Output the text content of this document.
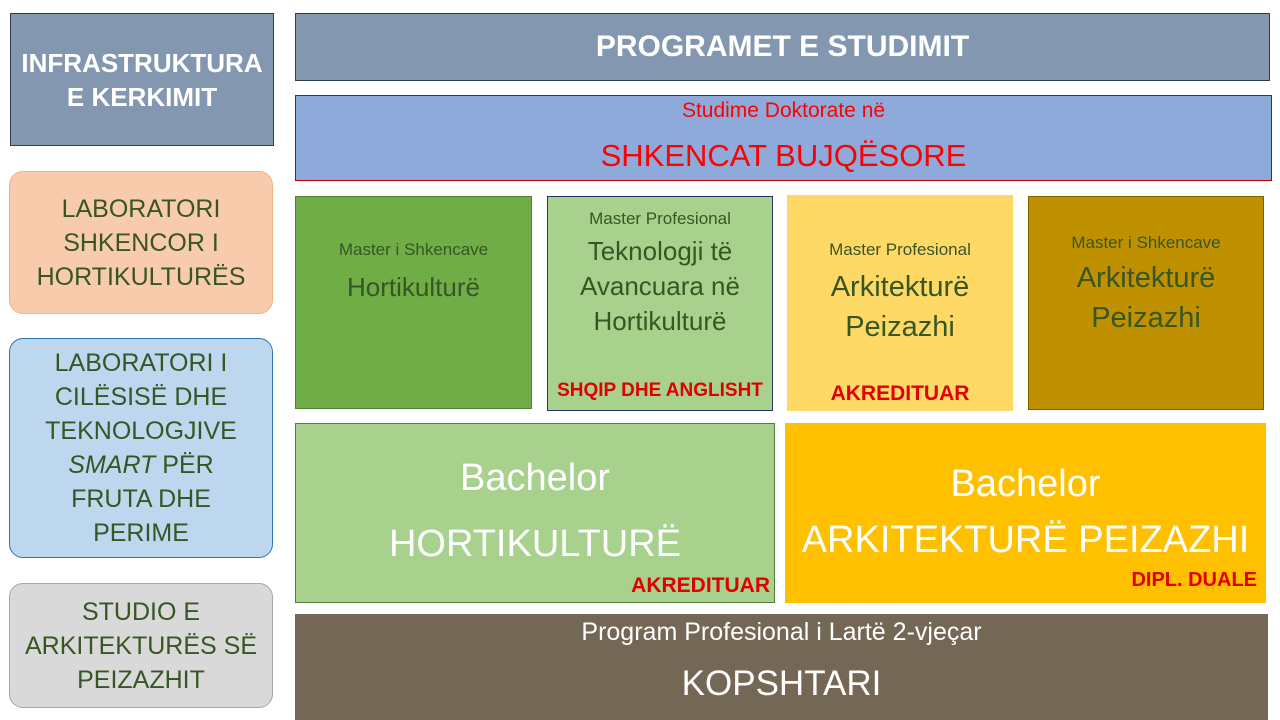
INFRASTRUKTURA
E KERKIMIT
LABORATORI
SHKENCOR I
HORTIKULTURËS
LABORATORI I
CILËSISË DHE
TEKNOLOGJIVE
SMART PËR
FRUTA DHE
PERIME
STUDIO E
ARKITEKTURËS SË
PEIZAZHIT
PROGRAMET E STUDIMIT
Studime Doktorate në
SHKENCAT BUJQËSORE
Master i Shkencave
Hortikulturë
Master Profesional
Teknologji të
Avancuara në
Hortikulturë
SHQIP DHE ANGLISHT
Master Profesional
Arkitekturë
Peizazhi
AKREDITUAR
Master i Shkencave
Arkitekturë
Peizazhi
Bachelor
HORTIKULTURË
AKREDITUAR
Bachelor
ARKITEKTURË PEIZAZHI
DIPL. DUALE
Program Profesional i Lartë 2-vjeçar
KOPSHTARI
